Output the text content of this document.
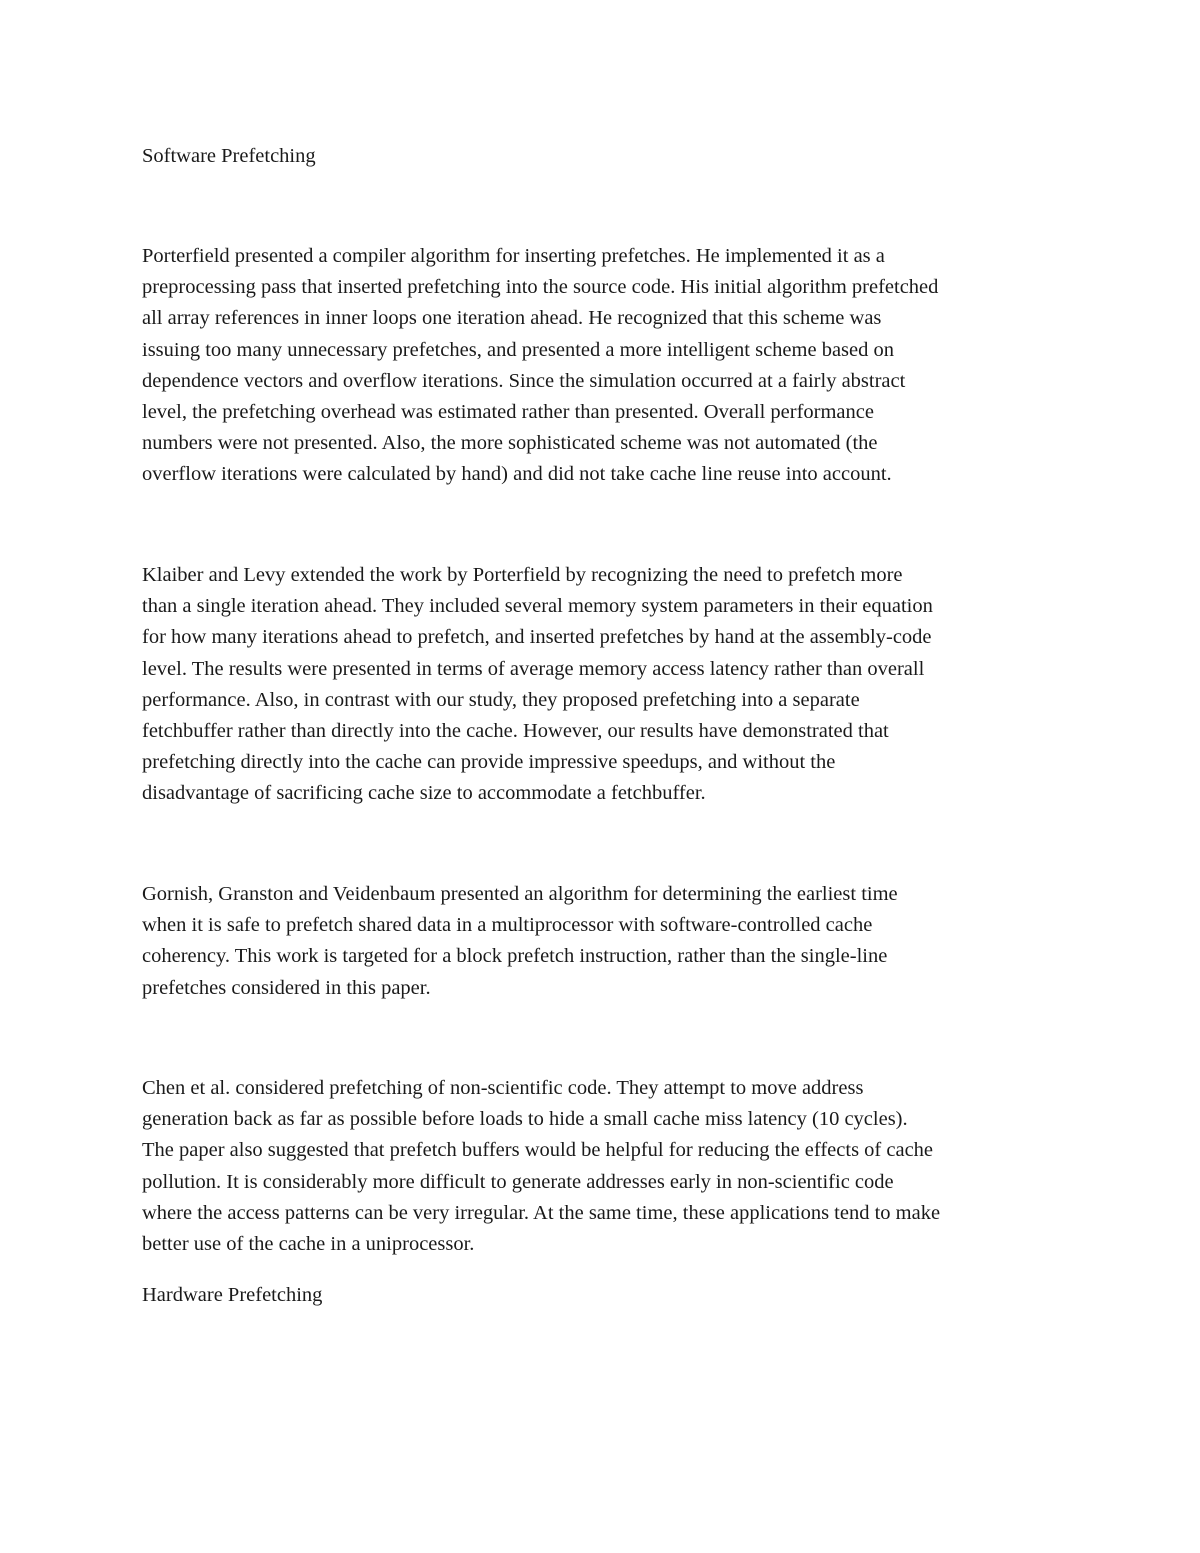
Software Prefetching
Porterfield presented a compiler algorithm for inserting prefetches. He implemented it as a
preprocessing pass that inserted prefetching into the source code. His initial algorithm prefetched
all array references in inner loops one iteration ahead. He recognized that this scheme was
issuing too many unnecessary prefetches, and presented a more intelligent scheme based on
dependence vectors and overflow iterations. Since the simulation occurred at a fairly abstract
level, the prefetching overhead was estimated rather than presented. Overall performance
numbers were not presented. Also, the more sophisticated scheme was not automated (the
overflow iterations were calculated by hand) and did not take cache line reuse into account.
Klaiber and Levy extended the work by Porterfield by recognizing the need to prefetch more
than a single iteration ahead. They included several memory system parameters in their equation
for how many iterations ahead to prefetch, and inserted prefetches by hand at the assembly-code
level. The results were presented in terms of average memory access latency rather than overall
performance. Also, in contrast with our study, they proposed prefetching into a separate
fetchbuffer rather than directly into the cache. However, our results have demonstrated that
prefetching directly into the cache can provide impressive speedups, and without the
disadvantage of sacrificing cache size to accommodate a fetchbuffer.
Gornish, Granston and Veidenbaum presented an algorithm for determining the earliest time
when it is safe to prefetch shared data in a multiprocessor with software-controlled cache
coherency. This work is targeted for a block prefetch instruction, rather than the single-line
prefetches considered in this paper.
Chen et al. considered prefetching of non-scientific code. They attempt to move address
generation back as far as possible before loads to hide a small cache miss latency (10 cycles).
The paper also suggested that prefetch buffers would be helpful for reducing the effects of cache
pollution. It is considerably more difficult to generate addresses early in non-scientific code
where the access patterns can be very irregular. At the same time, these applications tend to make
better use of the cache in a uniprocessor.
Hardware Prefetching
